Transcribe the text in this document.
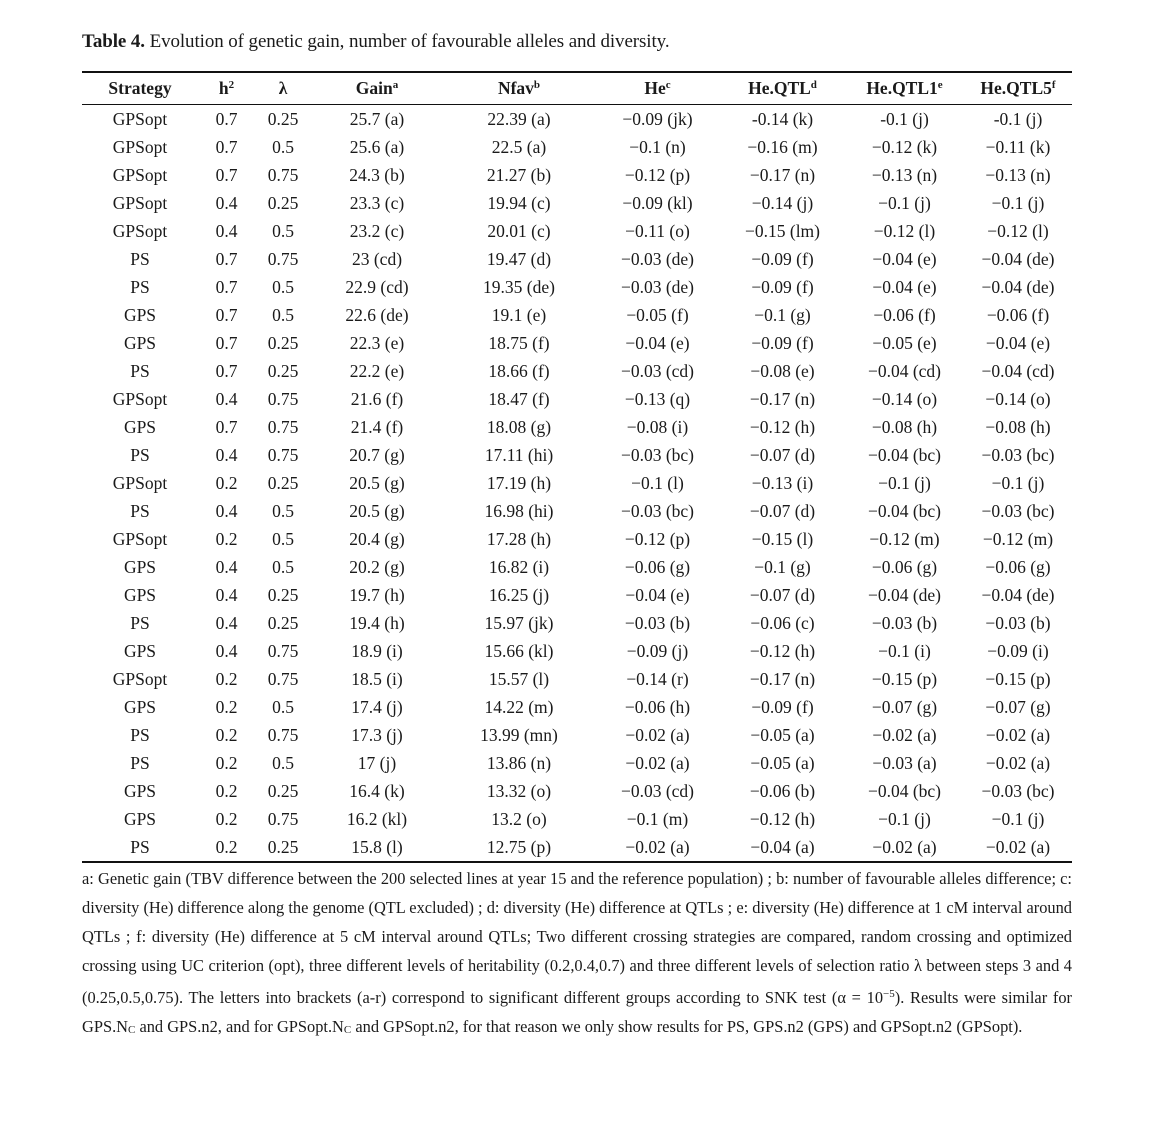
Table 4. Evolution of genetic gain, number of favourable alleles and diversity.
Strategy	$h^2$	λ	Gain$^a$	Nfav$^b$	He$^c$	He.QTL$^d$	He.QTL1e	He.QTL5$^f$
GPSopt	0.7	0.25	25.7 (a)	22.39 (a)	−0.09 (jk)	-0.14 (k)	-0.1 (j)	-0.1 (j)
GPSopt	0.7	0.5	25.6 (a)	22.5 (a)	−0.1 (n)	−0.16 (m)	−0.12 (k)	−0.11 (k)
GPSopt	0.7	0.75	24.3 (b)	21.27 (b)	−0.12 (p)	−0.17 (n)	−0.13 (n)	−0.13 (n)
GPSopt	0.4	0.25	23.3 (c)	19.94 (c)	−0.09 (kl)	−0.14 (j)	−0.1 (j)	−0.1 (j)
GPSopt	0.4	0.5	23.2 (c)	20.01 (c)	−0.11 (o)	−0.15 (lm)	−0.12 (l)	−0.12 (l)
PS	0.7	0.75	23 (cd)	19.47 (d)	−0.03 (de)	−0.09 (f)	−0.04 (e)	−0.04 (de)
PS	0.7	0.5	22.9 (cd)	19.35 (de)	−0.03 (de)	−0.09 (f)	−0.04 (e)	−0.04 (de)
GPS	0.7	0.5	22.6 (de)	19.1 (e)	−0.05 (f)	−0.1 (g)	−0.06 (f)	−0.06 (f)
GPS	0.7	0.25	22.3 (e)	18.75 (f)	−0.04 (e)	−0.09 (f)	−0.05 (e)	−0.04 (e)
PS	0.7	0.25	22.2 (e)	18.66 (f)	−0.03 (cd)	−0.08 (e)	−0.04 (cd)	−0.04 (cd)
GPSopt	0.4	0.75	21.6 (f)	18.47 (f)	−0.13 (q)	−0.17 (n)	−0.14 (o)	−0.14 (o)
GPS	0.7	0.75	21.4 (f)	18.08 (g)	−0.08 (i)	−0.12 (h)	−0.08 (h)	−0.08 (h)
PS	0.4	0.75	20.7 (g)	17.11 (hi)	−0.03 (bc)	−0.07 (d)	−0.04 (bc)	−0.03 (bc)
GPSopt	0.2	0.25	20.5 (g)	17.19 (h)	−0.1 (l)	−0.13 (i)	−0.1 (j)	−0.1 (j)
PS	0.4	0.5	20.5 (g)	16.98 (hi)	−0.03 (bc)	−0.07 (d)	−0.04 (bc)	−0.03 (bc)
GPSopt	0.2	0.5	20.4 (g)	17.28 (h)	−0.12 (p)	−0.15 (l)	−0.12 (m)	−0.12 (m)
GPS	0.4	0.5	20.2 (g)	16.82 (i)	−0.06 (g)	−0.1 (g)	−0.06 (g)	−0.06 (g)
GPS	0.4	0.25	19.7 (h)	16.25 (j)	−0.04 (e)	−0.07 (d)	−0.04 (de)	−0.04 (de)
PS	0.4	0.25	19.4 (h)	15.97 (jk)	−0.03 (b)	−0.06 (c)	−0.03 (b)	−0.03 (b)
GPS	0.4	0.75	18.9 (i)	15.66 (kl)	−0.09 (j)	−0.12 (h)	−0.1 (i)	−0.09 (i)
GPSopt	0.2	0.75	18.5 (i)	15.57 (l)	−0.14 (r)	−0.17 (n)	−0.15 (p)	−0.15 (p)
GPS	0.2	0.5	17.4 (j)	14.22 (m)	−0.06 (h)	−0.09 (f)	−0.07 (g)	−0.07 (g)
PS	0.2	0.75	17.3 (j)	13.99 (mn)	−0.02 (a)	−0.05 (a)	−0.02 (a)	−0.02 (a)
PS	0.2	0.5	17 (j)	13.86 (n)	−0.02 (a)	−0.05 (a)	−0.03 (a)	−0.02 (a)
GPS	0.2	0.25	16.4 (k)	13.32 (o)	−0.03 (cd)	−0.06 (b)	−0.04 (bc)	−0.03 (bc)
GPS	0.2	0.75	16.2 (kl)	13.2 (o)	−0.1 (m)	−0.12 (h)	−0.1 (j)	−0.1 (j)
PS	0.2	0.25	15.8 (l)	12.75 (p)	−0.02 (a)	−0.04 (a)	−0.02 (a)	−0.02 (a)
a: Genetic gain (TBV difference between the 200 selected lines at year 15 and the reference population) ; b: number of favourable alleles difference; c: diversity (He) difference along the genome (QTL excluded) ; d: diversity (He) difference at QTLs ; e: diversity (He) difference at 1 cM interval around QTLs ; f: diversity (He) difference at 5 cM interval around QTLs; Two different crossing strategies are compared, random crossing and optimized crossing using UC criterion (opt), three different levels of heritability (0.2,0.4,0.7) and three different levels of selection ratio λ between steps 3 and 4 (0.25,0.5,0.75). The letters into brackets (a-r) correspond to significant different groups according to SNK test $(\alpha = 10^{-5})$. Results were similar for GPS.NC and GPS.n2, and for GPSopt.NC and GPSopt.n2, for that reason we only show results for PS, GPS.n2 (GPS) and GPSopt.n2 (GPSopt).
